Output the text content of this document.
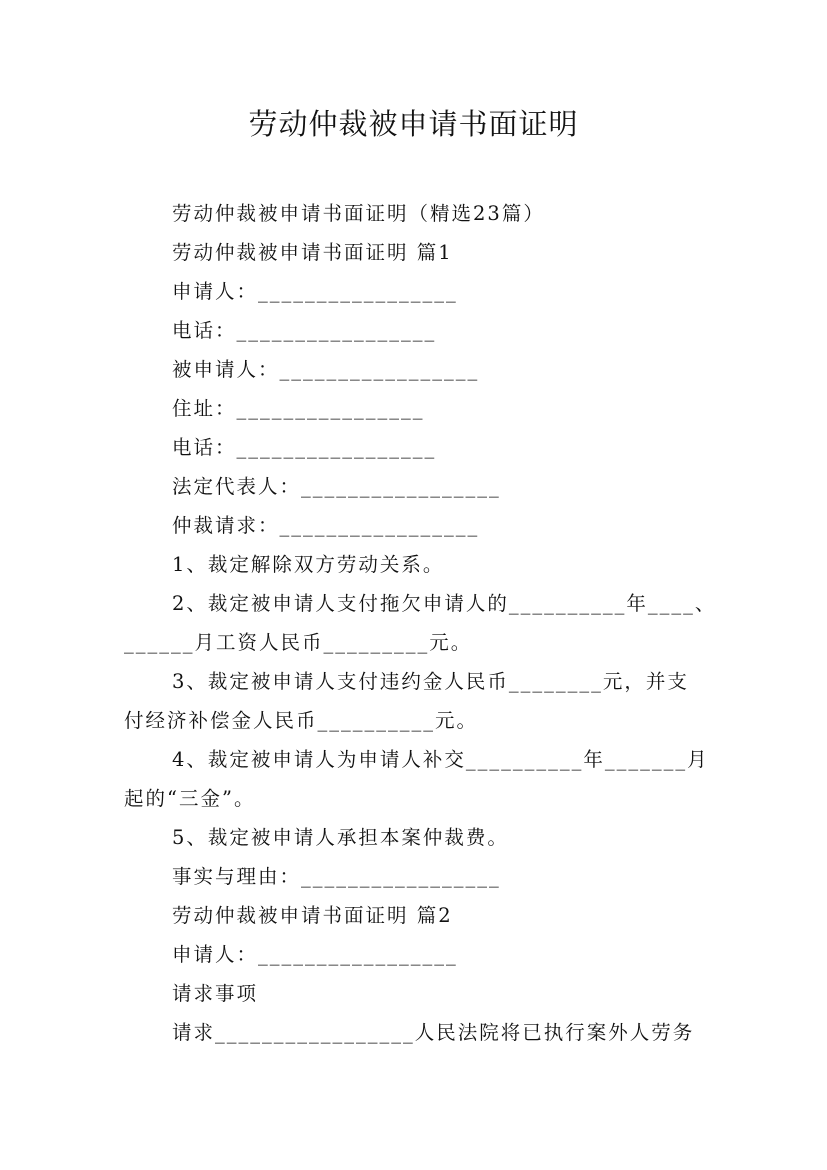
劳动仲裁被申请书面证明
劳动仲裁被申请书面证明（精选23篇）
劳动仲裁被申请书面证明 篇1
申请人：_________________
电话：_________________
被申请人：_________________
住址：________________
电话：_________________
法定代表人：_________________
仲裁请求：_________________
1、裁定解除双方劳动关系。
2、裁定被申请人支付拖欠申请人的__________年____、
______月工资人民币_________元。
3、裁定被申请人支付违约金人民币________元，并支
付经济补偿金人民币__________元。
4、裁定被申请人为申请人补交__________年_______月
起的“三金”。
5、裁定被申请人承担本案仲裁费。
事实与理由：_________________
劳动仲裁被申请书面证明 篇2
申请人：_________________
请求事项
请求_________________人民法院将已执行案外人劳务
